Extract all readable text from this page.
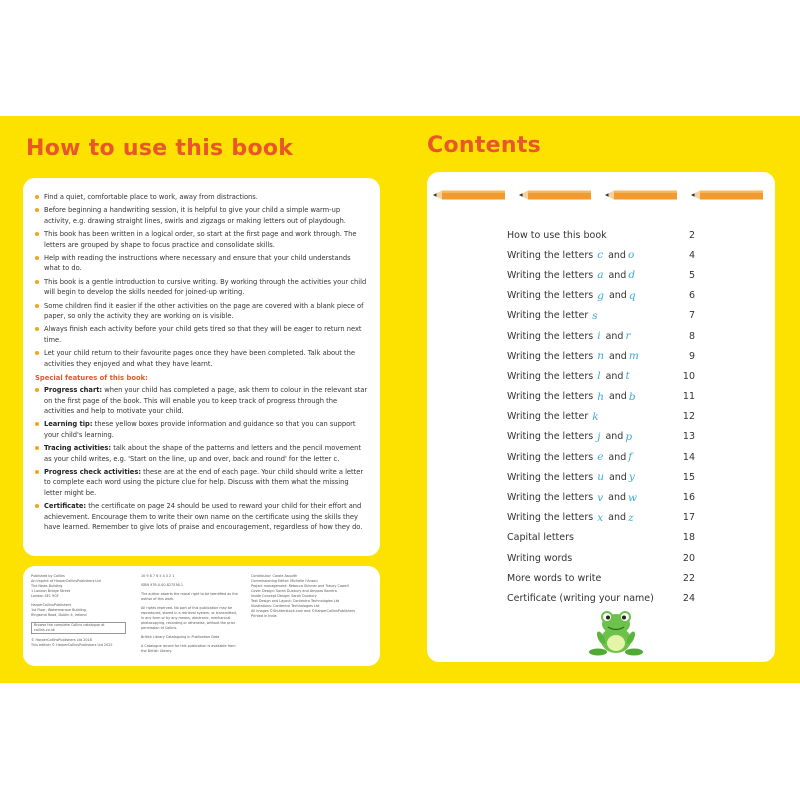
How to use this book	Contents
Find a quiet, comfortable place to work, away from distractions.
Before beginning a handwriting session, it is helpful to give your child a simple warm-up activity, e.g. drawing straight lines, swirls and zigzags or making letters out of playdough.
This book has been written in a logical order, so start at the first page and work through. The letters are grouped by shape to focus practice and consolidate skills.
Help with reading the instructions where necessary and ensure that your child understands what to do.
This book is a gentle introduction to cursive writing. By working through the activities your child will begin to develop the skills needed for joined-up writing.
Some children find it easier if the other activities on the page are covered with a blank piece of paper, so only the activity they are working on is visible.
Always finish each activity before your child gets tired so that they will be eager to return next time.
Let your child return to their favourite pages once they have been completed. Talk about the activities they enjoyed and what they have learnt.
Special features of this book:
Progress chart: when your child has completed a page, ask them to colour in the relevant star on the first page of the book. This will enable you to keep track of progress through the activities and help to motivate your child.
Learning tip: these yellow boxes provide information and guidance so that you can support your child's learning.
Tracing activities: talk about the shape of the patterns and letters and the pencil movement as your child writes, e.g. 'Start on the line, up and over, back and round' for the letter c.
Progress check activities: these are at the end of each page. Your child should write a letter to complete each word using the picture clue for help. Discuss with them what the missing letter might be.
Certificate: the certificate on page 24 should be used to reward your child for their effort and achievement. Encourage them to write their own name on the certificate using the skills they have learned. Remember to give lots of praise and encouragement, regardless of how they do.
Published by Collins
An imprint of HarperCollinsPublishers Ltd
The News Building
1 London Bridge Street
London SE1 9GF
HarperCollinsPublishers
1st Floor, Watermarque Building,
Ringsend Road, Dublin 4, Ireland
Browse the complete Collins catalogue at collins.co.uk
© HarperCollinsPublishers Ltd 2018
This edition © HarperCollinsPublishers Ltd 2022
10 9 8 7 6 5 4 3 2 1
ISBN 978-0-00-827536-1
The author asserts the moral right to be identified as the author of this work.
All rights reserved. No part of this publication may be reproduced, stored in a retrieval system, or transmitted, in any form or by any means, electronic, mechanical, photocopying, recording or otherwise, without the prior permission of Collins.
British Library Cataloguing in Publication Data
A Catalogue record for this publication is available from the British Library.
Contributor: Carole Asquith
Commissioning Editor: Michelle I'Anson
Project management: Rebecca Skinner and Tracey Cowell
Cover Design: Sarah Duxbury and Amparo Barrera
Inside Concept Design: Sarah Duxbury
Text Design and Layout: Contentra Technologies Ltd
Illustrations: Contentra Technologies Ltd
All images ©Shutterstock.com and ©HarperCollinsPublishers
Printed in India
How to use this book	2
Writing the letters c and o	4
Writing the letters a and d	5
Writing the letters g and q	6
Writing the letter s	7
Writing the letters i and r	8
Writing the letters n and m	9
Writing the letters l and t	10
Writing the letters h and b	11
Writing the letter k	12
Writing the letters j and p	13
Writing the letters e and f	14
Writing the letters u and y	15
Writing the letters v and w	16
Writing the letters x and z	17
Capital letters	18
Writing words	20
More words to write	22
Certificate (writing your name)	24
